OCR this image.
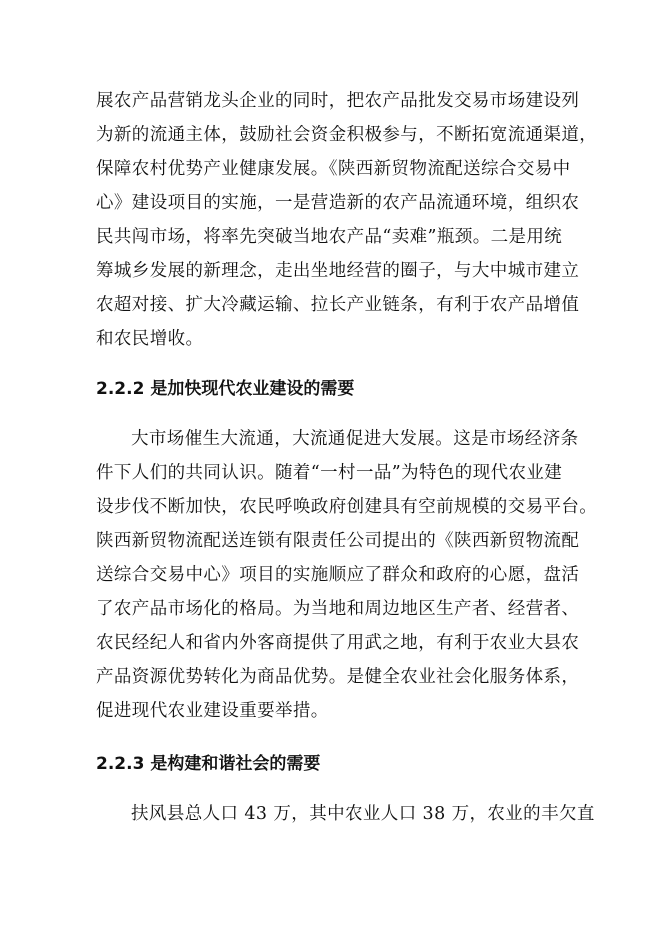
展农产品营销龙头企业的同时，把农产品批发交易市场建设列
为新的流通主体，鼓励社会资金积极参与，不断拓宽流通渠道，
保障农村优势产业健康发展。《陕西新贸物流配送综合交易中
心》建设项目的实施，一是营造新的农产品流通环境，组织农
民共闯市场，将率先突破当地农产品“卖难”瓶颈。二是用统
筹城乡发展的新理念，走出坐地经营的圈子，与大中城市建立
农超对接、扩大冷藏运输、拉长产业链条，有利于农产品增值
和农民增收。
2.2.2 是加快现代农业建设的需要
大市场催生大流通，大流通促进大发展。这是市场经济条
件下人们的共同认识。随着“一村一品”为特色的现代农业建
设步伐不断加快，农民呼唤政府创建具有空前规模的交易平台。
陕西新贸物流配送连锁有限责任公司提出的《陕西新贸物流配
送综合交易中心》项目的实施顺应了群众和政府的心愿，盘活
了农产品市场化的格局。为当地和周边地区生产者、经营者、
农民经纪人和省内外客商提供了用武之地，有利于农业大县农
产品资源优势转化为商品优势。是健全农业社会化服务体系，
促进现代农业建设重要举措。
2.2.3 是构建和谐社会的需要
扶风县总人口 43 万，其中农业人口 38 万，农业的丰欠直
